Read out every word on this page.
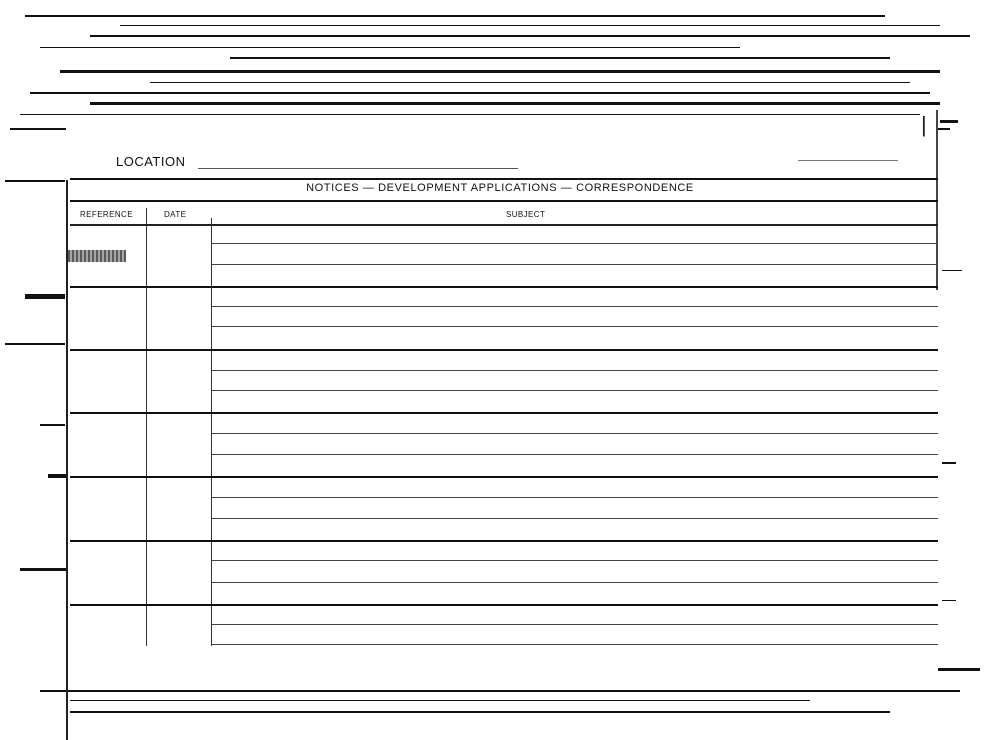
|
LOCATION
NOTICES — DEVELOPMENT APPLICATIONS — CORRESPONDENCE
REFERENCE	DATE	SUBJECT
